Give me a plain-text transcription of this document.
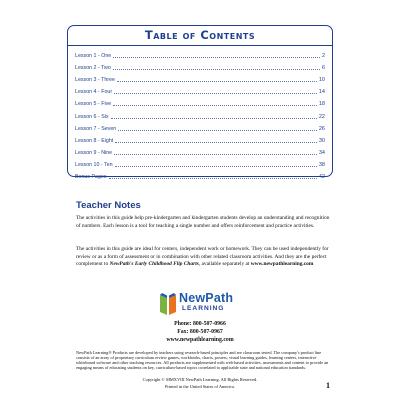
Table of Contents
Lesson 1 - One	2
Lesson 2 - Two	6
Lesson 3 - Three	10
Lesson 4 - Four	14
Lesson 5 - Five	18
Lesson 6 - Six	22
Lesson 7 - Seven	26
Lesson 8 - Eight	30
Lesson 9 - Nine	34
Lesson 10 - Ten	38
Bonus Pages	42
Teacher Notes
The activities in this guide help pre-kindergarten and kindergarten students develop an understanding and recognition of numbers. Each lesson is a tool for teaching a single number and offers reinforcement and practice activities.
The activities in this guide are ideal for centers, independent work or homework. They can be used independently for review or as a form of assessment or in combination with other related classroom activities. And they are the perfect complement to NewPath's Early Childhood Flip Charts, available separately at www.newpathlearning.com
NewPath
LEARNING
Phone: 800-507-0966
Fax: 800-507-0967
www.newpathlearning.com
NewPath Learning® Products are developed by teachers using research-based principles and are classroom tested. The company's product line consists of an array of proprietary curriculum review games, workbooks, charts, posters, visual learning guides, learning centers, interactive whiteboard software and other teaching resources. All products are supplemented with web-based activities, assessments and content to provide an engaging means of educating students on key, curriculum-based topics correlated to applicable state and national education standards.
Copyright © MMXVIII NewPath Learning. All Rights Reserved.
Printed in the United States of America.	1
